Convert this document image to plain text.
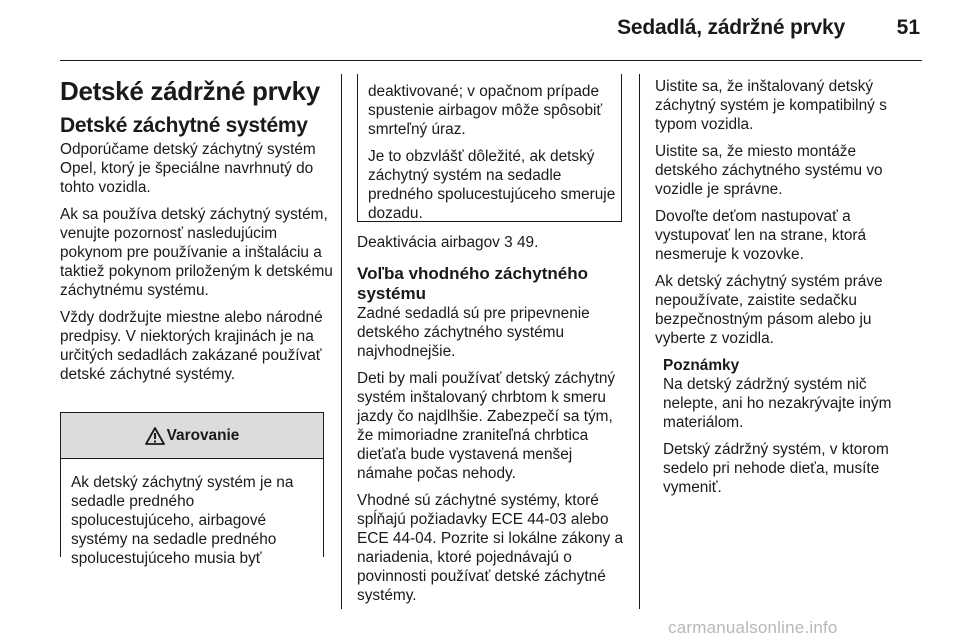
Sedadlá, zádržné prvky	51
Detské zádržné prvky
Detské záchytné systémy

Odporúčame detský záchytný systém Opel, ktorý je špeciálne navrhnutý do tohto vozidla.

Ak sa používa detský záchytný systém, venujte pozornosť nasledujúcim pokynom pre používanie a inštaláciu a taktiež pokynom priloženým k detskému záchytnému systému.

Vždy dodržujte miestne alebo národné predpisy. V niektorých krajinách je na určitých sedadlách zakázané používať detské záchytné systémy.

Varovanie
Ak detský záchytný systém je na sedadle predného spolucestujúceho, airbagové systémy na sedadle predného spolucestujúceho musia byť

deaktivované; v opačnom prípade spustenie airbagov môže spôsobiť smrteľný úraz.

Je to obzvlášť dôležité, ak detský záchytný systém na sedadle predného spolucestujúceho smeruje dozadu.

Deaktivácia airbagov 3 49.

Voľba vhodného záchytného systému

Zadné sedadlá sú pre pripevnenie detského záchytného systému najvhodnejšie.

Deti by mali používať detský záchytný systém inštalovaný chrbtom k smeru jazdy čo najdlhšie. Zabezpečí sa tým, že mimoriadne zraniteľná chrbtica dieťaťa bude vystavená menšej námahe počas nehody.

Vhodné sú záchytné systémy, ktoré spĺňajú požiadavky ECE 44-03 alebo ECE 44-04. Pozrite si lokálne zákony a nariadenia, ktoré pojednávajú o povinnosti používať detské záchytné systémy.

Uistite sa, že inštalovaný detský záchytný systém je kompatibilný s typom vozidla.

Uistite sa, že miesto montáže detského záchytného systému vo vozidle je správne.

Dovoľte deťom nastupovať a vystupovať len na strane, ktorá nesmeruje k vozovke.

Ak detský záchytný systém práve nepoužívate, zaistite sedačku bezpečnostným pásom alebo ju vyberte z vozidla.

Poznámky

Na detský zádržný systém nič nelepte, ani ho nezakrývajte iným materiálom.

Detský zádržný systém, v ktorom sedelo pri nehode dieťa, musíte vymeniť.

carmanualsonline.info
